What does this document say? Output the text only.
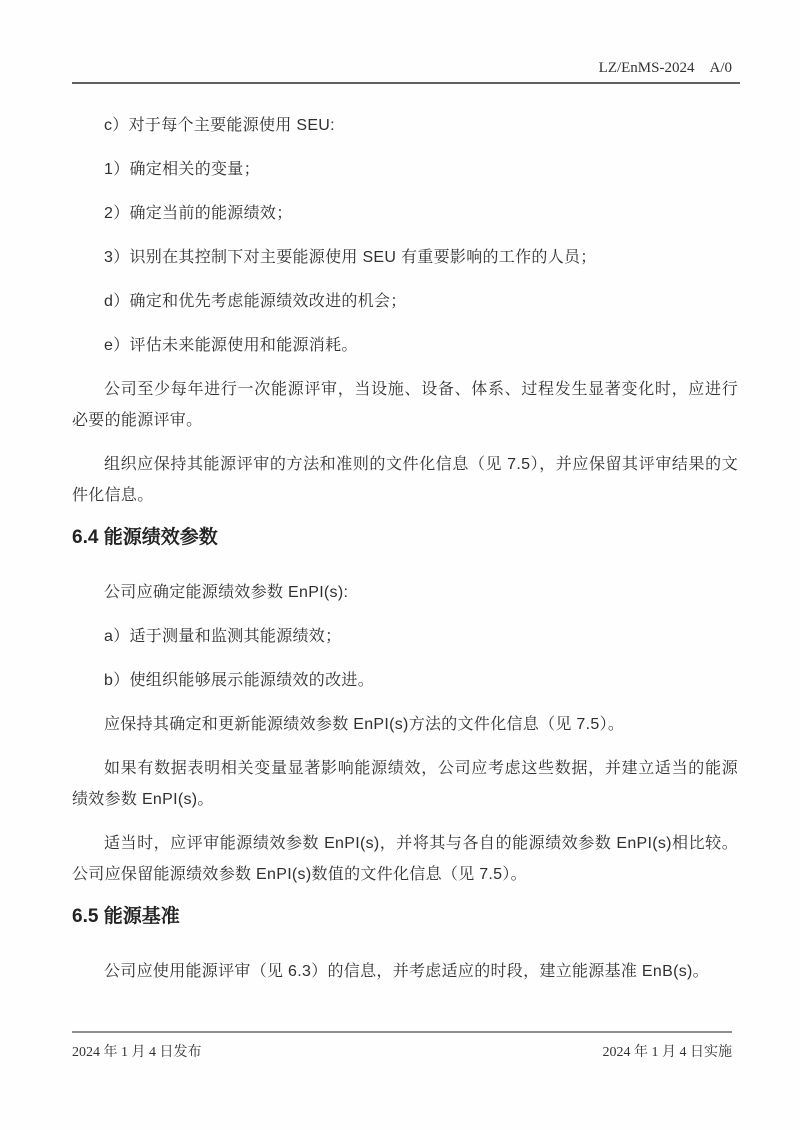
LZ/EnMS-2024 A/0

c）对于每个主要能源使用 SEU:

1）确定相关的变量；

2）确定当前的能源绩效；

3）识别在其控制下对主要能源使用 SEU 有重要影响的工作的人员；

d）确定和优先考虑能源绩效改进的机会；

e）评估未来能源使用和能源消耗。

公司至少每年进行一次能源评审，当设施、设备、体系、过程发生显著变化时，应进行必要的能源评审。

组织应保持其能源评审的方法和准则的文件化信息（见 7.5），并应保留其评审结果的文件化信息。

6.4 能源绩效参数

公司应确定能源绩效参数 EnPI(s):

a）适于测量和监测其能源绩效；

b）使组织能够展示能源绩效的改进。

应保持其确定和更新能源绩效参数 EnPI(s)方法的文件化信息（见 7.5）。

如果有数据表明相关变量显著影响能源绩效，公司应考虑这些数据，并建立适当的能源绩效参数 EnPI(s)。

适当时，应评审能源绩效参数 EnPI(s)，并将其与各自的能源绩效参数 EnPI(s)相比较。公司应保留能源绩效参数 EnPI(s)数值的文件化信息（见 7.5）。

6.5 能源基准

公司应使用能源评审（见 6.3）的信息，并考虑适应的时段，建立能源基准 EnB(s)。

2024 年 1 月 4 日发布	2024 年 1 月 4 日实施
